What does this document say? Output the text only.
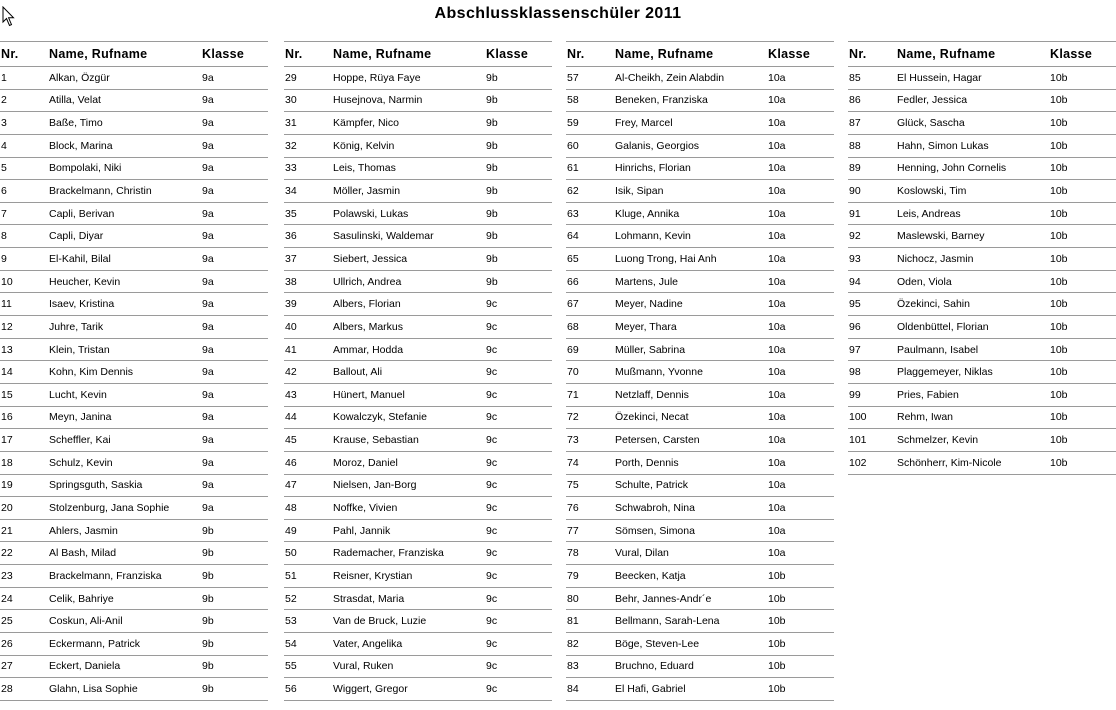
Abschlussklassenschüler 2011
Nr.	Name, Rufname	Klasse
1	Alkan, Özgür	9a
2	Atilla, Velat	9a
3	Baße, Timo	9a
4	Block, Marina	9a
5	Bompolaki, Niki	9a
6	Brackelmann, Christin	9a
7	Capli, Berivan	9a
8	Capli, Diyar	9a
9	El-Kahil, Bilal	9a
10	Heucher, Kevin	9a
11	Isaev, Kristina	9a
12	Juhre, Tarik	9a
13	Klein, Tristan	9a
14	Kohn, Kim Dennis	9a
15	Lucht, Kevin	9a
16	Meyn, Janina	9a
17	Scheffler, Kai	9a
18	Schulz, Kevin	9a
19	Springsguth, Saskia	9a
20	Stolzenburg, Jana Sophie	9a
21	Ahlers, Jasmin	9b
22	Al Bash, Milad	9b
23	Brackelmann, Franziska	9b
24	Celik, Bahriye	9b
25	Coskun, Ali-Anil	9b
26	Eckermann, Patrick	9b
27	Eckert, Daniela	9b
28	Glahn, Lisa Sophie	9b
Nr.	Name, Rufname	Klasse
29	Hoppe, Rüya Faye	9b
30	Husejnova, Narmin	9b
31	Kämpfer, Nico	9b
32	König, Kelvin	9b
33	Leis, Thomas	9b
34	Möller, Jasmin	9b
35	Polawski, Lukas	9b
36	Sasulinski, Waldemar	9b
37	Siebert, Jessica	9b
38	Ullrich, Andrea	9b
39	Albers, Florian	9c
40	Albers, Markus	9c
41	Ammar, Hodda	9c
42	Ballout, Ali	9c
43	Hünert, Manuel	9c
44	Kowalczyk, Stefanie	9c
45	Krause, Sebastian	9c
46	Moroz, Daniel	9c
47	Nielsen, Jan-Borg	9c
48	Noffke, Vivien	9c
49	Pahl, Jannik	9c
50	Rademacher, Franziska	9c
51	Reisner, Krystian	9c
52	Strasdat, Maria	9c
53	Van de Bruck, Luzie	9c
54	Vater, Angelika	9c
55	Vural, Ruken	9c
56	Wiggert, Gregor	9c
Nr.	Name, Rufname	Klasse
57	Al-Cheikh, Zein Alabdin	10a
58	Beneken, Franziska	10a
59	Frey, Marcel	10a
60	Galanis, Georgios	10a
61	Hinrichs, Florian	10a
62	Isik, Sipan	10a
63	Kluge, Annika	10a
64	Lohmann, Kevin	10a
65	Luong Trong, Hai Anh	10a
66	Martens, Jule	10a
67	Meyer, Nadine	10a
68	Meyer, Thara	10a
69	Müller, Sabrina	10a
70	Mußmann, Yvonne	10a
71	Netzlaff, Dennis	10a
72	Özekinci, Necat	10a
73	Petersen, Carsten	10a
74	Porth, Dennis	10a
75	Schulte, Patrick	10a
76	Schwabroh, Nina	10a
77	Sömsen, Simona	10a
78	Vural, Dilan	10a
79	Beecken, Katja	10b
80	Behr, Jannes-Andr´e	10b
81	Bellmann, Sarah-Lena	10b
82	Böge, Steven-Lee	10b
83	Bruchno, Eduard	10b
84	El Hafi, Gabriel	10b
Nr.	Name, Rufname	Klasse
85	El Hussein, Hagar	10b
86	Fedler, Jessica	10b
87	Glück, Sascha	10b
88	Hahn, Simon Lukas	10b
89	Henning, John Cornelis	10b
90	Koslowski, Tim	10b
91	Leis, Andreas	10b
92	Maslewski, Barney	10b
93	Nichocz, Jasmin	10b
94	Oden, Viola	10b
95	Özekinci, Sahin	10b
96	Oldenbüttel, Florian	10b
97	Paulmann, Isabel	10b
98	Plaggemeyer, Niklas	10b
99	Pries, Fabien	10b
100	Rehm, Iwan	10b
101	Schmelzer, Kevin	10b
102	Schönherr, Kim-Nicole	10b
